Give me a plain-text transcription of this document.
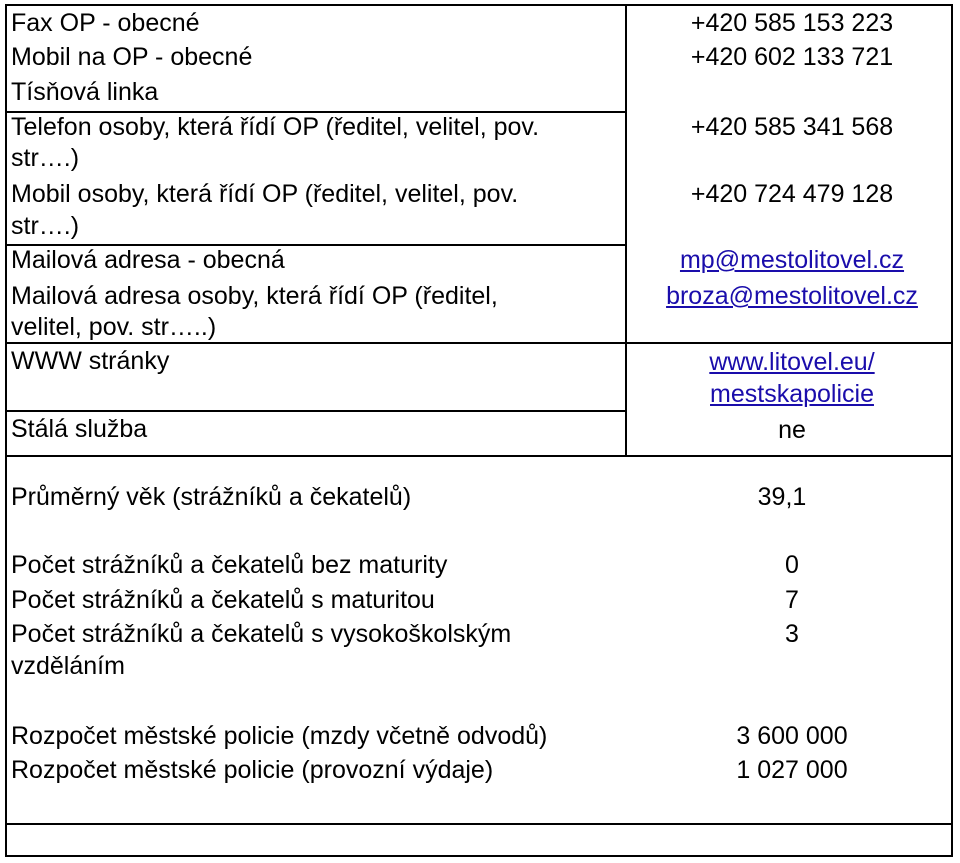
Fax OP - obecné
Mobil na OP - obecné
Tísňová linka
Telefon osoby, která řídí OP (ředitel, velitel, pov.
str….)
Mobil osoby, která řídí OP (ředitel, velitel, pov.
str….)
Mailová adresa - obecná
Mailová adresa osoby, která řídí OP (ředitel,
velitel, pov. str…..)
WWW stránky
Stálá služba
Průměrný věk (strážníků a čekatelů)
Počet strážníků a čekatelů bez maturity
Počet strážníků a čekatelů s maturitou
Počet strážníků a čekatelů s vysokoškolským
vzděláním
Rozpočet městské policie (mzdy včetně odvodů)
Rozpočet městské policie (provozní výdaje)
+420 585 153 223
+420 602 133 721
+420 585 341 568
+420 724 479 128
mp@mestolitovel.cz
broza@mestolitovel.cz
www.litovel.eu/
mestskapolicie
ne
39,1
0
7
3
3 600 000
1 027 000
